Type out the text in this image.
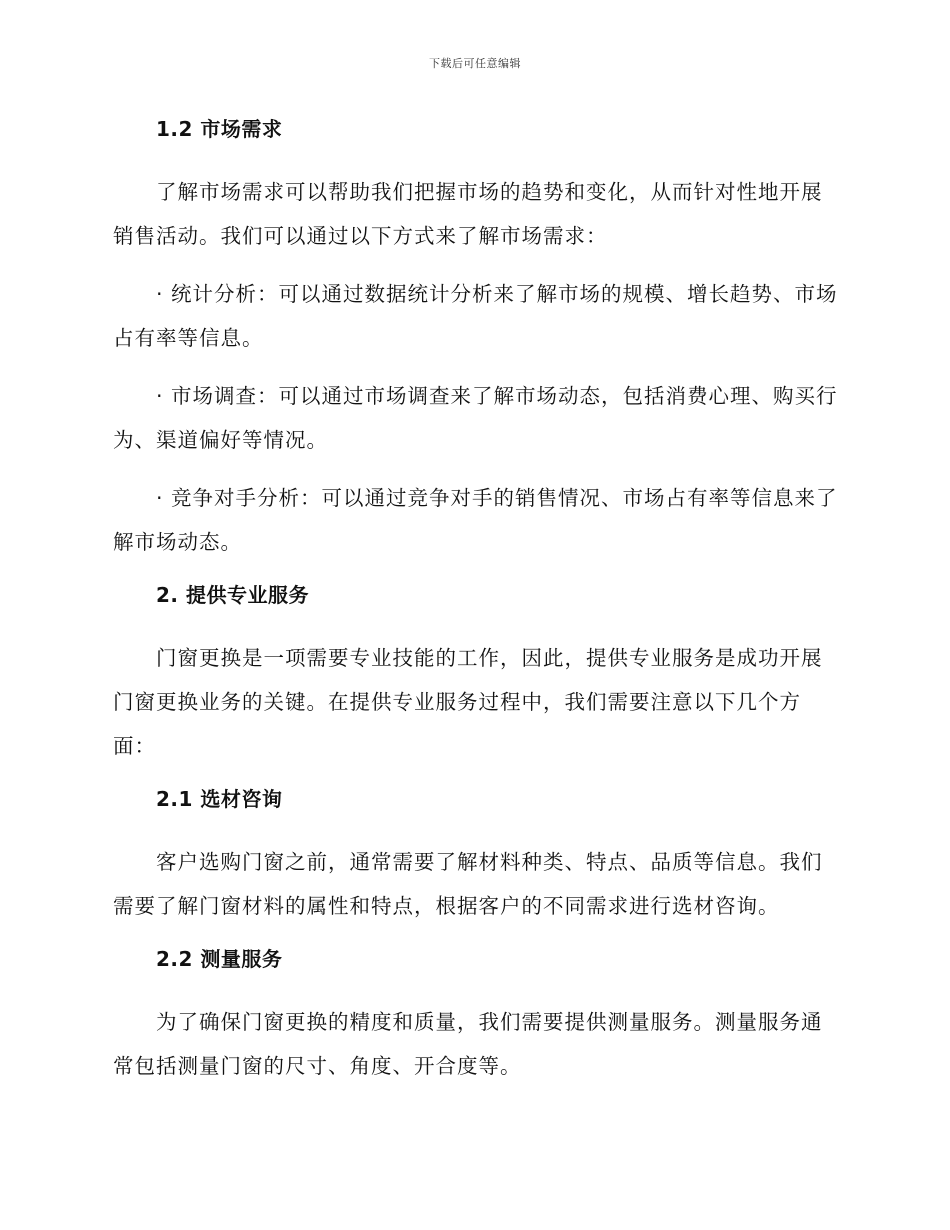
下载后可任意编辑
1.2 市场需求

了解市场需求可以帮助我们把握市场的趋势和变化，从而针对性地开展销售活动。我们可以通过以下方式来了解市场需求：

· 统计分析：可以通过数据统计分析来了解市场的规模、增长趋势、市场占有率等信息。

· 市场调查：可以通过市场调查来了解市场动态，包括消费心理、购买行为、渠道偏好等情况。

· 竞争对手分析：可以通过竞争对手的销售情况、市场占有率等信息来了解市场动态。

2. 提供专业服务

门窗更换是一项需要专业技能的工作，因此，提供专业服务是成功开展门窗更换业务的关键。在提供专业服务过程中，我们需要注意以下几个方面：

2.1 选材咨询

客户选购门窗之前，通常需要了解材料种类、特点、品质等信息。我们需要了解门窗材料的属性和特点，根据客户的不同需求进行选材咨询。

2.2 测量服务

为了确保门窗更换的精度和质量，我们需要提供测量服务。测量服务通常包括测量门窗的尺寸、角度、开合度等。
